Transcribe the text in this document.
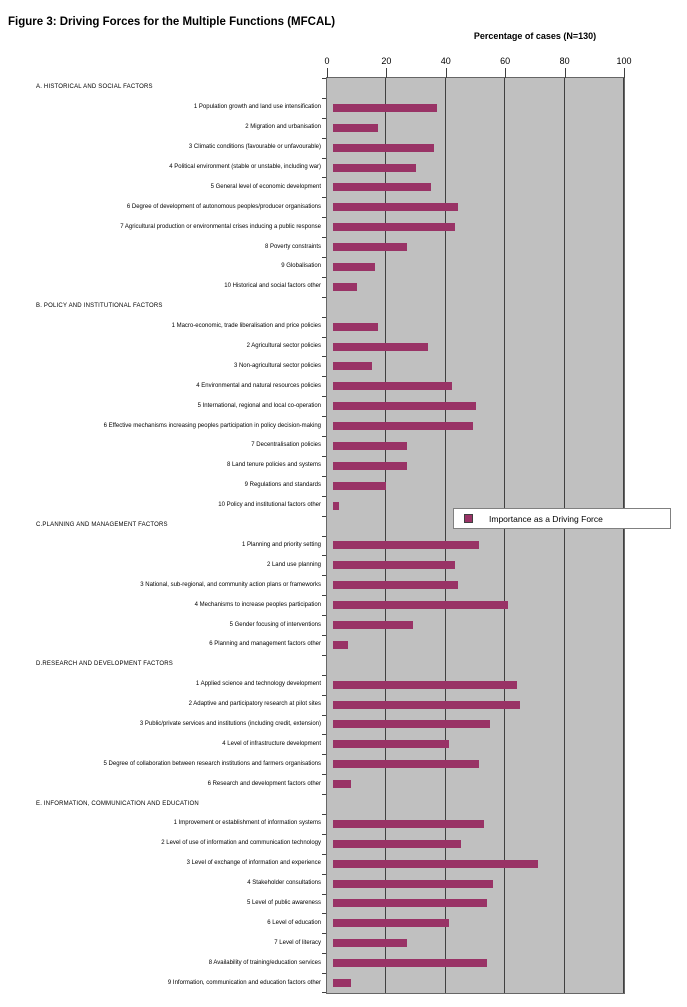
Figure 3: Driving Forces for the Multiple Functions (MFCAL)
Percentage of cases (N=130)
0	20	40	60	80	100
A. HISTORICAL AND SOCIAL FACTORS
1 Population growth and land use intensification
2 Migration and urbanisation
3 Climatic conditions (favourable or unfavourable)
4 Political environment (stable or unstable, including war)
5 General level of economic development
6 Degree of development of autonomous peoples/producer organisations
7 Agricultural production or environmental crises inducing a public response
8 Poverty constraints
9 Globalisation
10 Historical and social factors other
B. POLICY AND INSTITUTIONAL FACTORS
1 Macro-economic, trade liberalisation and price policies
2 Agricultural sector policies
3 Non-agricultural sector policies
4 Environmental and natural resources policies
5 International, regional and local co-operation
6 Effective mechanisms increasing peoples participation in policy decision-making
7 Decentralisation policies
8 Land tenure policies and systems
9 Regulations and standards
10 Policy and institutional factors other
C.PLANNING AND MANAGEMENT FACTORS
1 Planning and priority setting
2 Land use planning
3 National, sub-regional, and community action plans or frameworks
4 Mechanisms to increase peoples participation
5 Gender focusing of interventions
6 Planning and management factors other
D.RESEARCH AND DEVELOPMENT FACTORS
1 Applied science and technology development
2 Adaptive and participatory research at pilot sites
3 Public/private services and institutions (including credit, extension)
4 Level of infrastructure development
5 Degree of collaboration between research institutions and farmers organisations
6 Research and development factors other
E. INFORMATION, COMMUNICATION AND EDUCATION
1 Improvement or establishment of information systems
2 Level of use of information and communication technology
3 Level of exchange of information and experience
4 Stakeholder consultations
5 Level of public awareness
6 Level of education
7 Level of literacy
8 Availability of training/education services
9 Information, communication and education factors other
Importance as a Driving Force
